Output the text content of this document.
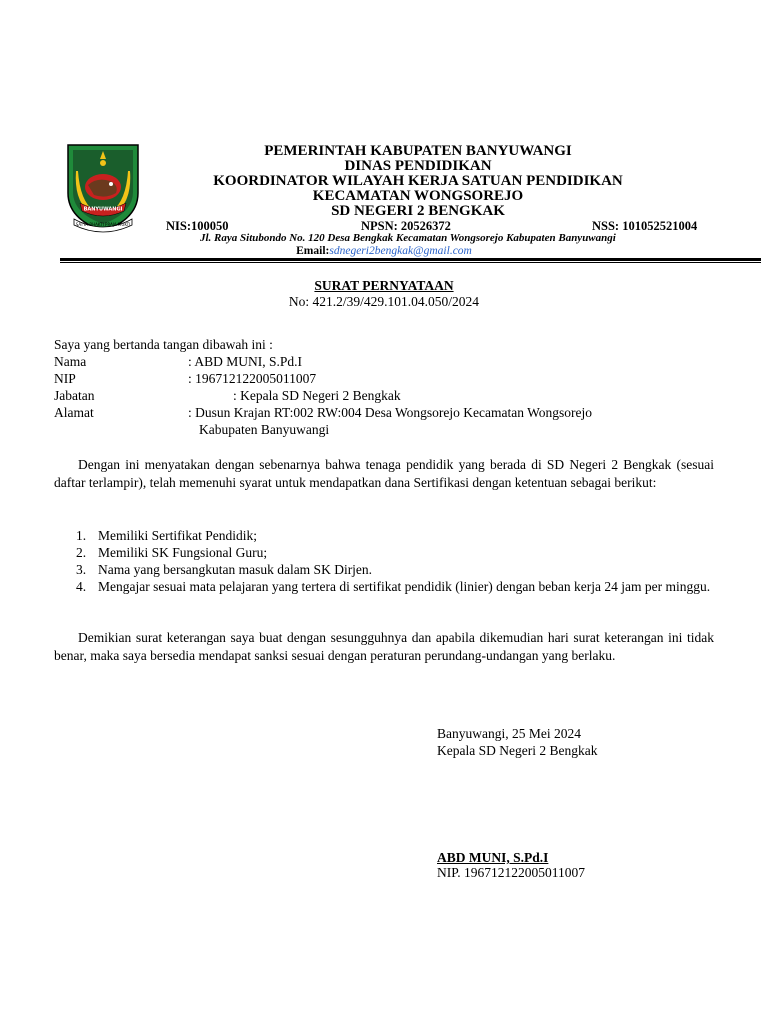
BANYUWANGI
SATYA BHAKTI PRAJA MUKTI
PEMERINTAH KABUPATEN BANYUWANGI
DINAS PENDIDIKAN
KOORDINATOR WILAYAH KERJA SATUAN PENDIDIKAN
KECAMATAN WONGSOREJO
SD NEGERI 2 BENGKAK
NIS:100050	NPSN: 20526372	NSS: 101052521004
Jl. Raya Situbondo No. 120 Desa Bengkak Kecamatan Wongsorejo Kabupaten Banyuwangi
Email:sdnegeri2bengkak@gmail.com
SURAT PERNYATAAN
No: 421.2/39/429.101.04.050/2024
Saya yang bertanda tangan dibawah ini :
Nama	: ABD MUNI, S.Pd.I
NIP	: 196712122005011007
Jabatan	: Kepala SD Negeri 2 Bengkak
Alamat	: Dusun Krajan RT:002 RW:004 Desa Wongsorejo Kecamatan Wongsorejo
Kabupaten Banyuwangi
Dengan ini menyatakan dengan sebenarnya bahwa tenaga pendidik yang berada di SD Negeri 2 Bengkak (sesuai daftar terlampir), telah memenuhi syarat untuk mendapatkan dana Sertifikasi dengan ketentuan sebagai berikut:
1. Memiliki Sertifikat Pendidik;
2. Memiliki SK Fungsional Guru;
3. Nama yang bersangkutan masuk dalam SK Dirjen.
4. Mengajar sesuai mata pelajaran yang tertera di sertifikat pendidik (linier) dengan beban kerja 24 jam per minggu.
Demikian surat keterangan saya buat dengan sesungguhnya dan apabila dikemudian hari surat keterangan ini tidak benar, maka saya bersedia mendapat sanksi sesuai dengan peraturan perundang-undangan yang berlaku.
Banyuwangi, 25 Mei 2024
Kepala SD Negeri 2 Bengkak
ABD MUNI, S.Pd.I
NIP. 196712122005011007
